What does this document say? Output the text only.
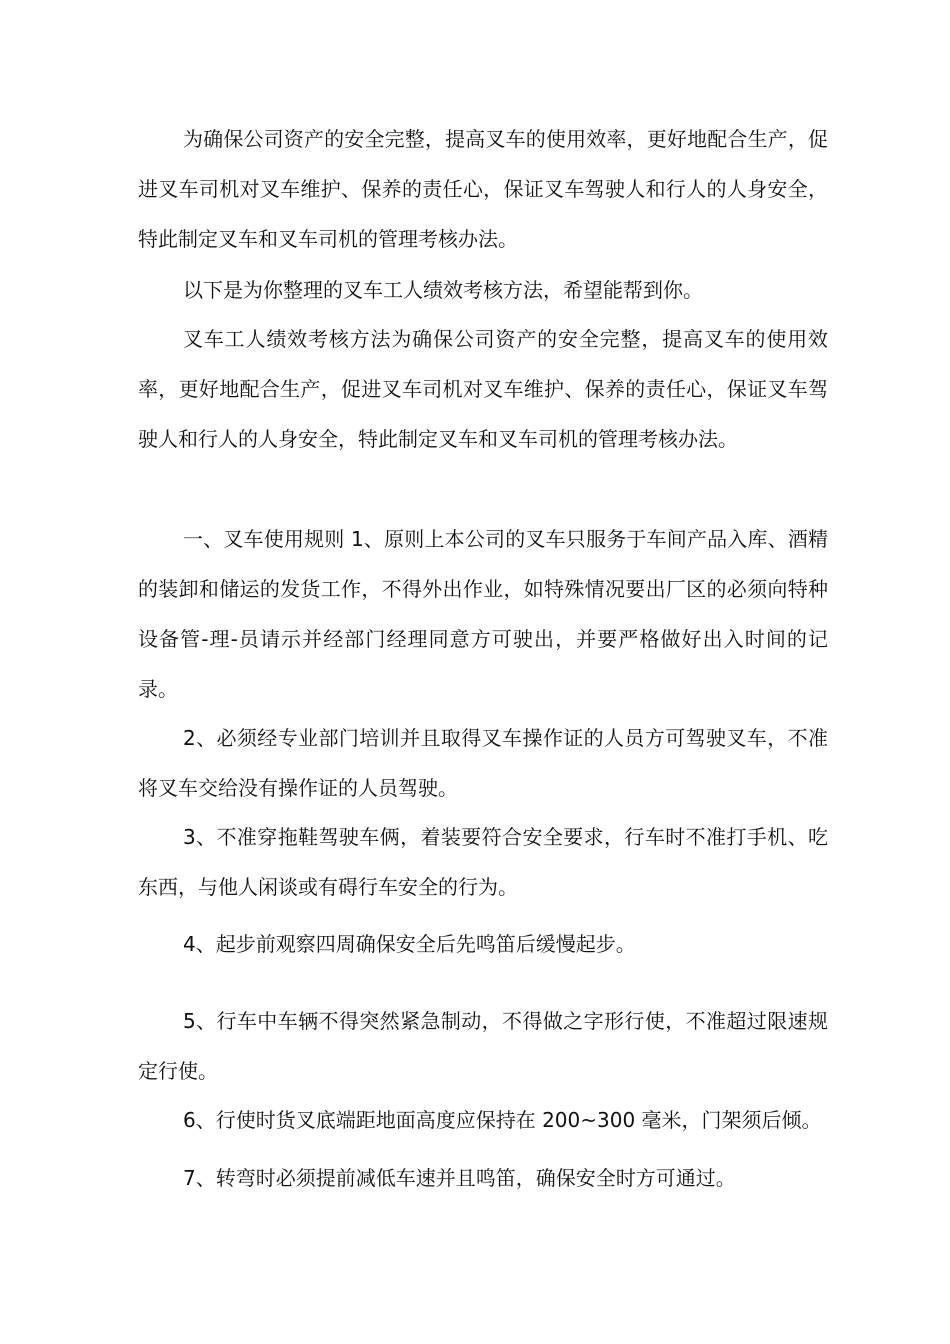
为确保公司资产的安全完整，提高叉车的使用效率，更好地配合生产，促进叉车司机对叉车维护、保养的责任心，保证叉车驾驶人和行人的人身安全，特此制定叉车和叉车司机的管理考核办法。

以下是为你整理的叉车工人绩效考核方法，希望能帮到你。

叉车工人绩效考核方法为确保公司资产的安全完整，提高叉车的使用效率，更好地配合生产，促进叉车司机对叉车维护、保养的责任心，保证叉车驾驶人和行人的人身安全，特此制定叉车和叉车司机的管理考核办法。

一、叉车使用规则 1、原则上本公司的叉车只服务于车间产品入库、酒精的装卸和储运的发货工作，不得外出作业，如特殊情况要出厂区的必须向特种设备管-理-员请示并经部门经理同意方可驶出，并要严格做好出入时间的记录。

2、必须经专业部门培训并且取得叉车操作证的人员方可驾驶叉车，不准将叉车交给没有操作证的人员驾驶。

3、不准穿拖鞋驾驶车俩，着装要符合安全要求，行车时不准打手机、吃东西，与他人闲谈或有碍行车安全的行为。

4、起步前观察四周确保安全后先鸣笛后缓慢起步。

5、行车中车辆不得突然紧急制动，不得做之字形行使，不准超过限速规定行使。

6、行使时货叉底端距地面高度应保持在 200~300 毫米，门架须后倾。

7、转弯时必须提前减低车速并且鸣笛，确保安全时方可通过。
